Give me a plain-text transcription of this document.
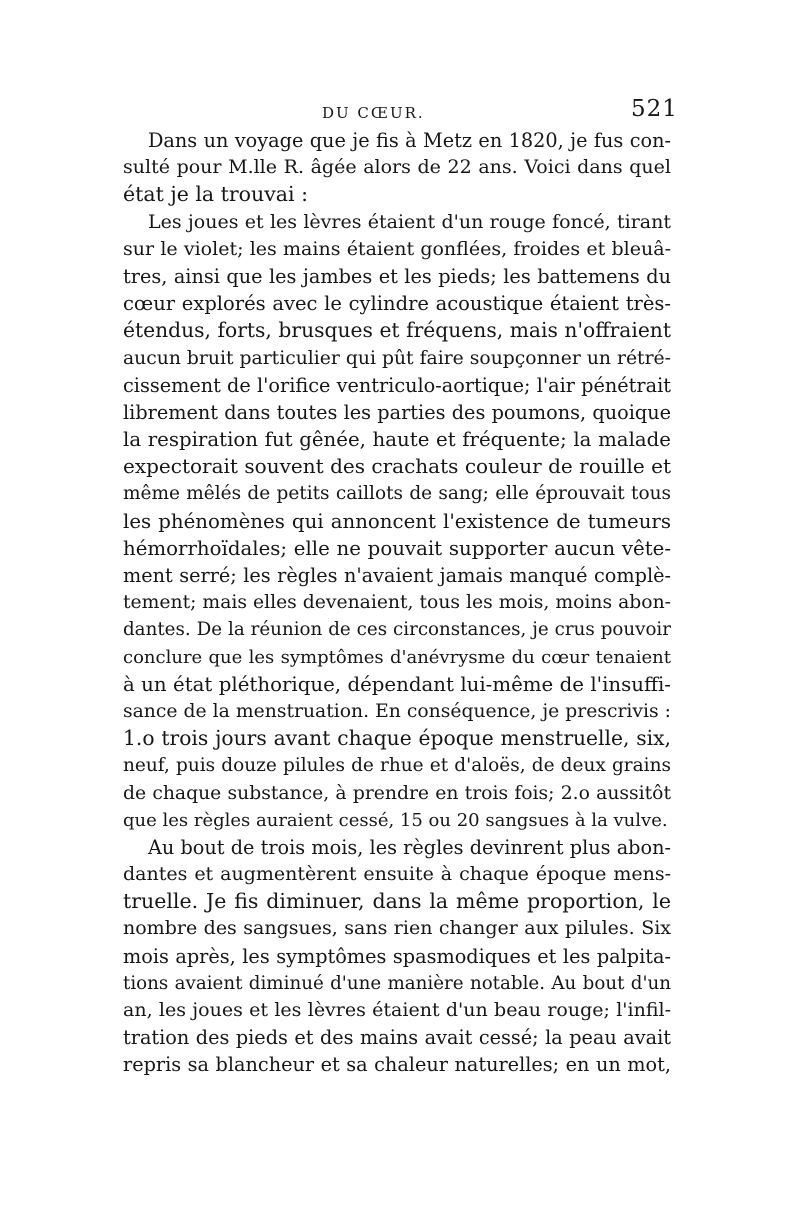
DU CŒUR.	521
Dans un voyage que je fis à Metz en 1820, je fus con-
sulté pour M.lle R. âgée alors de 22 ans. Voici dans quel
état je la trouvai :
Les joues et les lèvres étaient d'un rouge foncé, tirant
sur le violet; les mains étaient gonflées, froides et bleuâ-
tres, ainsi que les jambes et les pieds; les battemens du
cœur explorés avec le cylindre acoustique étaient très-
étendus, forts, brusques et fréquens, mais n'offraient
aucun bruit particulier qui pût faire soupçonner un rétré-
cissement de l'orifice ventriculo-aortique; l'air pénétrait
librement dans toutes les parties des poumons, quoique
la respiration fut gênée, haute et fréquente; la malade
expectorait souvent des crachats couleur de rouille et
même mêlés de petits caillots de sang; elle éprouvait tous
les phénomènes qui annoncent l'existence de tumeurs
hémorrhoïdales; elle ne pouvait supporter aucun vête-
ment serré; les règles n'avaient jamais manqué complè-
tement; mais elles devenaient, tous les mois, moins abon-
dantes. De la réunion de ces circonstances, je crus pouvoir
conclure que les symptômes d'anévrysme du cœur tenaient
à un état pléthorique, dépendant lui-même de l'insuffi-
sance de la menstruation. En conséquence, je prescrivis :
1.o trois jours avant chaque époque menstruelle, six,
neuf, puis douze pilules de rhue et d'aloës, de deux grains
de chaque substance, à prendre en trois fois; 2.o aussitôt
que les règles auraient cessé, 15 ou 20 sangsues à la vulve.
Au bout de trois mois, les règles devinrent plus abon-
dantes et augmentèrent ensuite à chaque époque mens-
truelle. Je fis diminuer, dans la même proportion, le
nombre des sangsues, sans rien changer aux pilules. Six
mois après, les symptômes spasmodiques et les palpita-
tions avaient diminué d'une manière notable. Au bout d'un
an, les joues et les lèvres étaient d'un beau rouge; l'infil-
tration des pieds et des mains avait cessé; la peau avait
repris sa blancheur et sa chaleur naturelles; en un mot,
